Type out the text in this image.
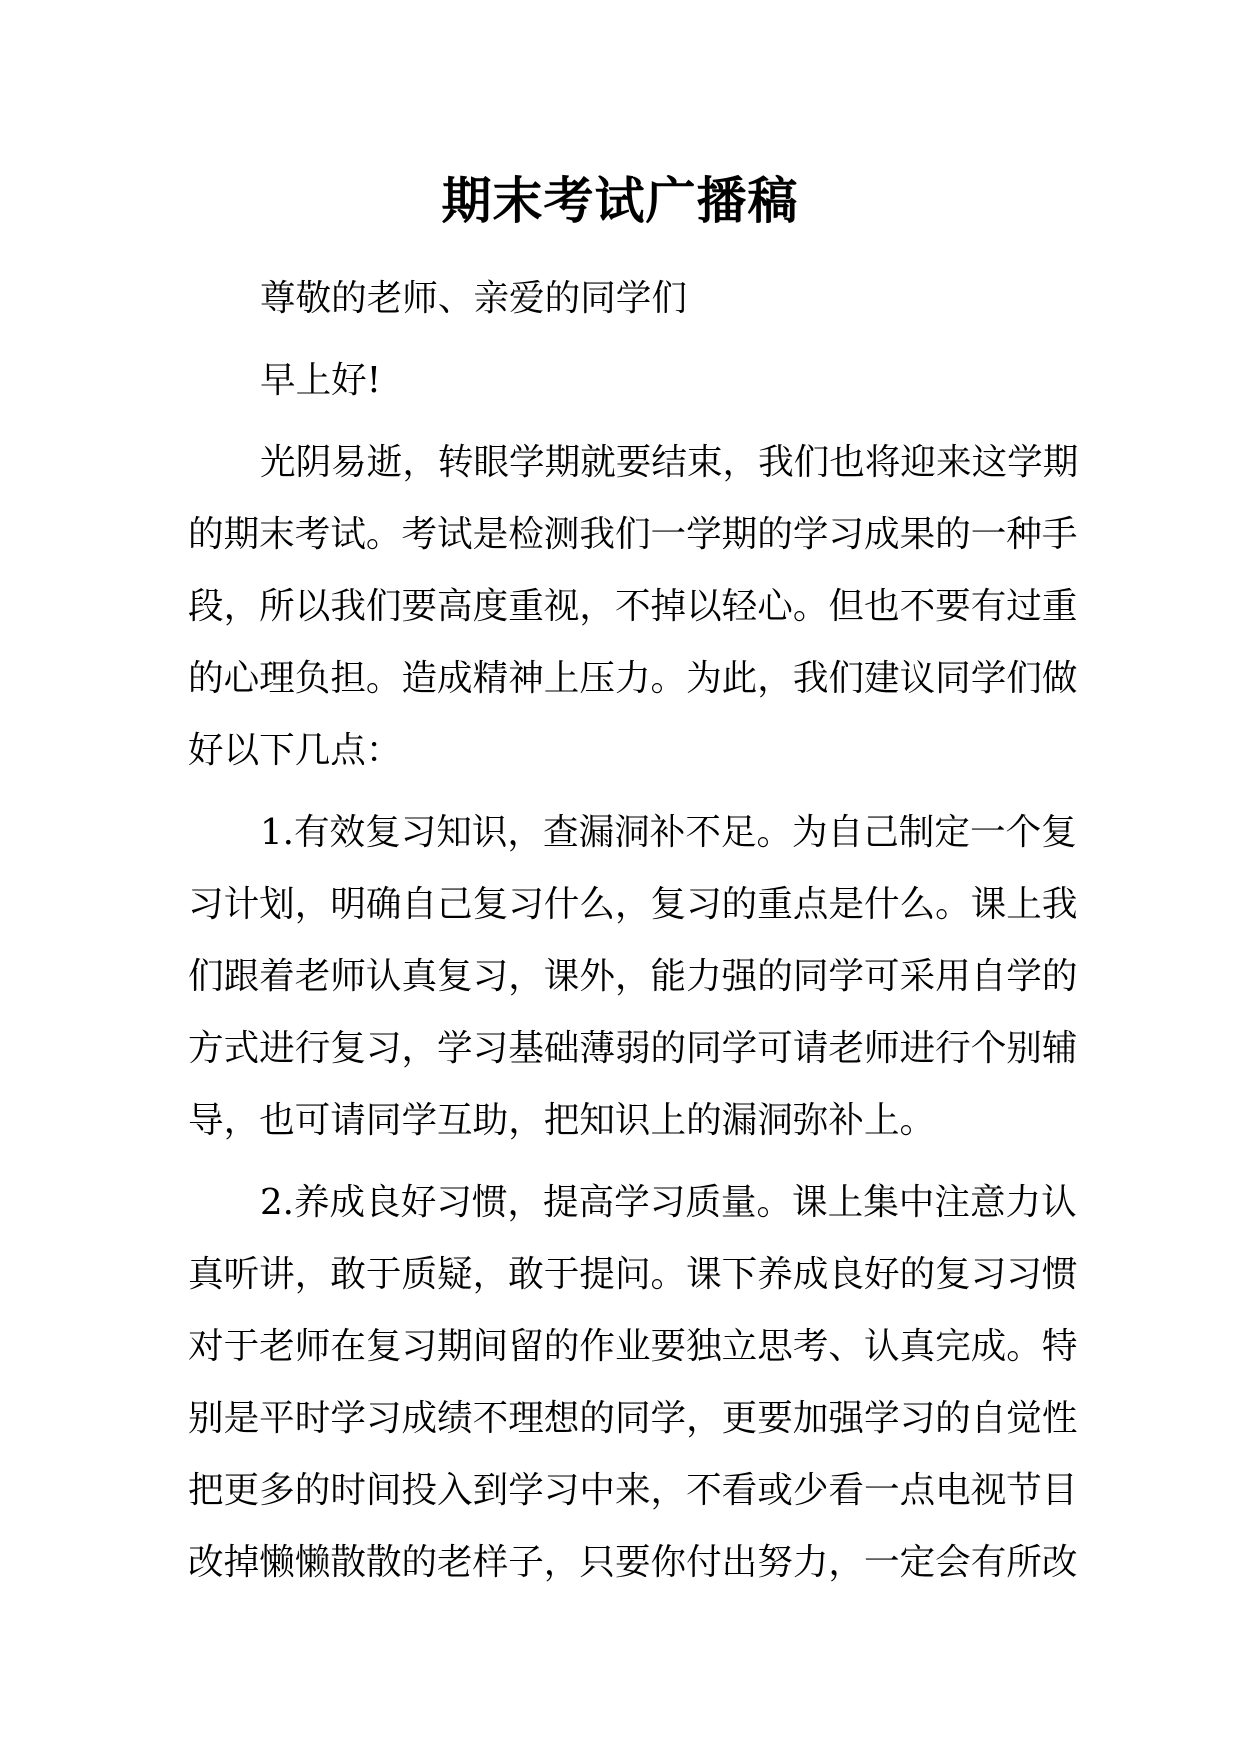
期末考试广播稿
尊敬的老师、亲爱的同学们
早上好!
光 阴 易 逝 ， 转 眼 学 期 就 要 结 束 ， 我 们 也 将 迎 来 这 学 期
的 期 末 考 试 。 考 试 是 检 测 我 们 一 学 期 的 学 习 成 果 的 一 种 手
段 ， 所 以 我 们 要 高 度 重 视 ， 不 掉 以 轻 心 。 但 也 不 要 有 过 重
的 心 理 负 担 。 造 成 精 神 上 压 力 。 为 此 ， 我 们 建 议 同 学 们 做
好以下几点：
1 . 有 效 复 习 知 识 ， 查 漏 洞 补 不 足 。 为 自 己 制 定 一 个 复
习 计 划 ， 明 确 自 己 复 习 什 么 ， 复 习 的 重 点 是 什 么 。 课 上 我
们 跟 着 老 师 认 真 复 习 ， 课 外 ， 能 力 强 的 同 学 可 采 用 自 学 的
方 式 进 行 复 习 ， 学 习 基 础 薄 弱 的 同 学 可 请 老 师 进 行 个 别 辅
导，也可请同学互助，把知识上的漏洞弥补上。
2 . 养 成 良 好 习 惯 ， 提 高 学 习 质 量 。 课 上 集 中 注 意 力 认
真 听 讲 ， 敢 于 质 疑 ， 敢 于 提 问 。 课 下 养 成 良 好 的 复 习 习 惯
对 于 老 师 在 复 习 期 间 留 的 作 业 要 独 立 思 考 、 认 真 完 成 。 特
别 是 平 时 学 习 成 绩 不 理 想 的 同 学 ， 更 要 加 强 学 习 的 自 觉 性
把 更 多 的 时 间 投 入 到 学 习 中 来 ， 不 看 或 少 看 一 点 电 视 节 目
改 掉 懒 懒 散 散 的 老 样 子 ， 只 要 你 付 出 努 力 ， 一 定 会 有 所 改
